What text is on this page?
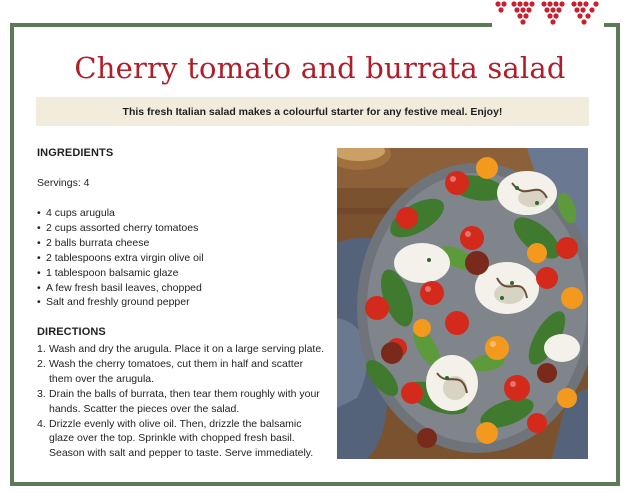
Cherry tomato and burrata salad
This fresh Italian salad makes a colourful starter for any festive meal. Enjoy!
INGREDIENTS
Servings: 4
• 4 cups arugula
• 2 cups assorted cherry tomatoes
• 2 balls burrata cheese
• 2 tablespoons extra virgin olive oil
• 1 tablespoon balsamic glaze
• A few fresh basil leaves, chopped
• Salt and freshly ground pepper
DIRECTIONS
1. Wash and dry the arugula. Place it on a large serving plate.
2. Wash the cherry tomatoes, cut them in half and scatter them over the arugula.
3. Drain the balls of burrata, then tear them roughly with your hands. Scatter the pieces over the salad.
4. Drizzle evenly with olive oil. Then, drizzle the balsamic glaze over the top. Sprinkle with chopped fresh basil. Season with salt and pepper to taste. Serve immediately.
